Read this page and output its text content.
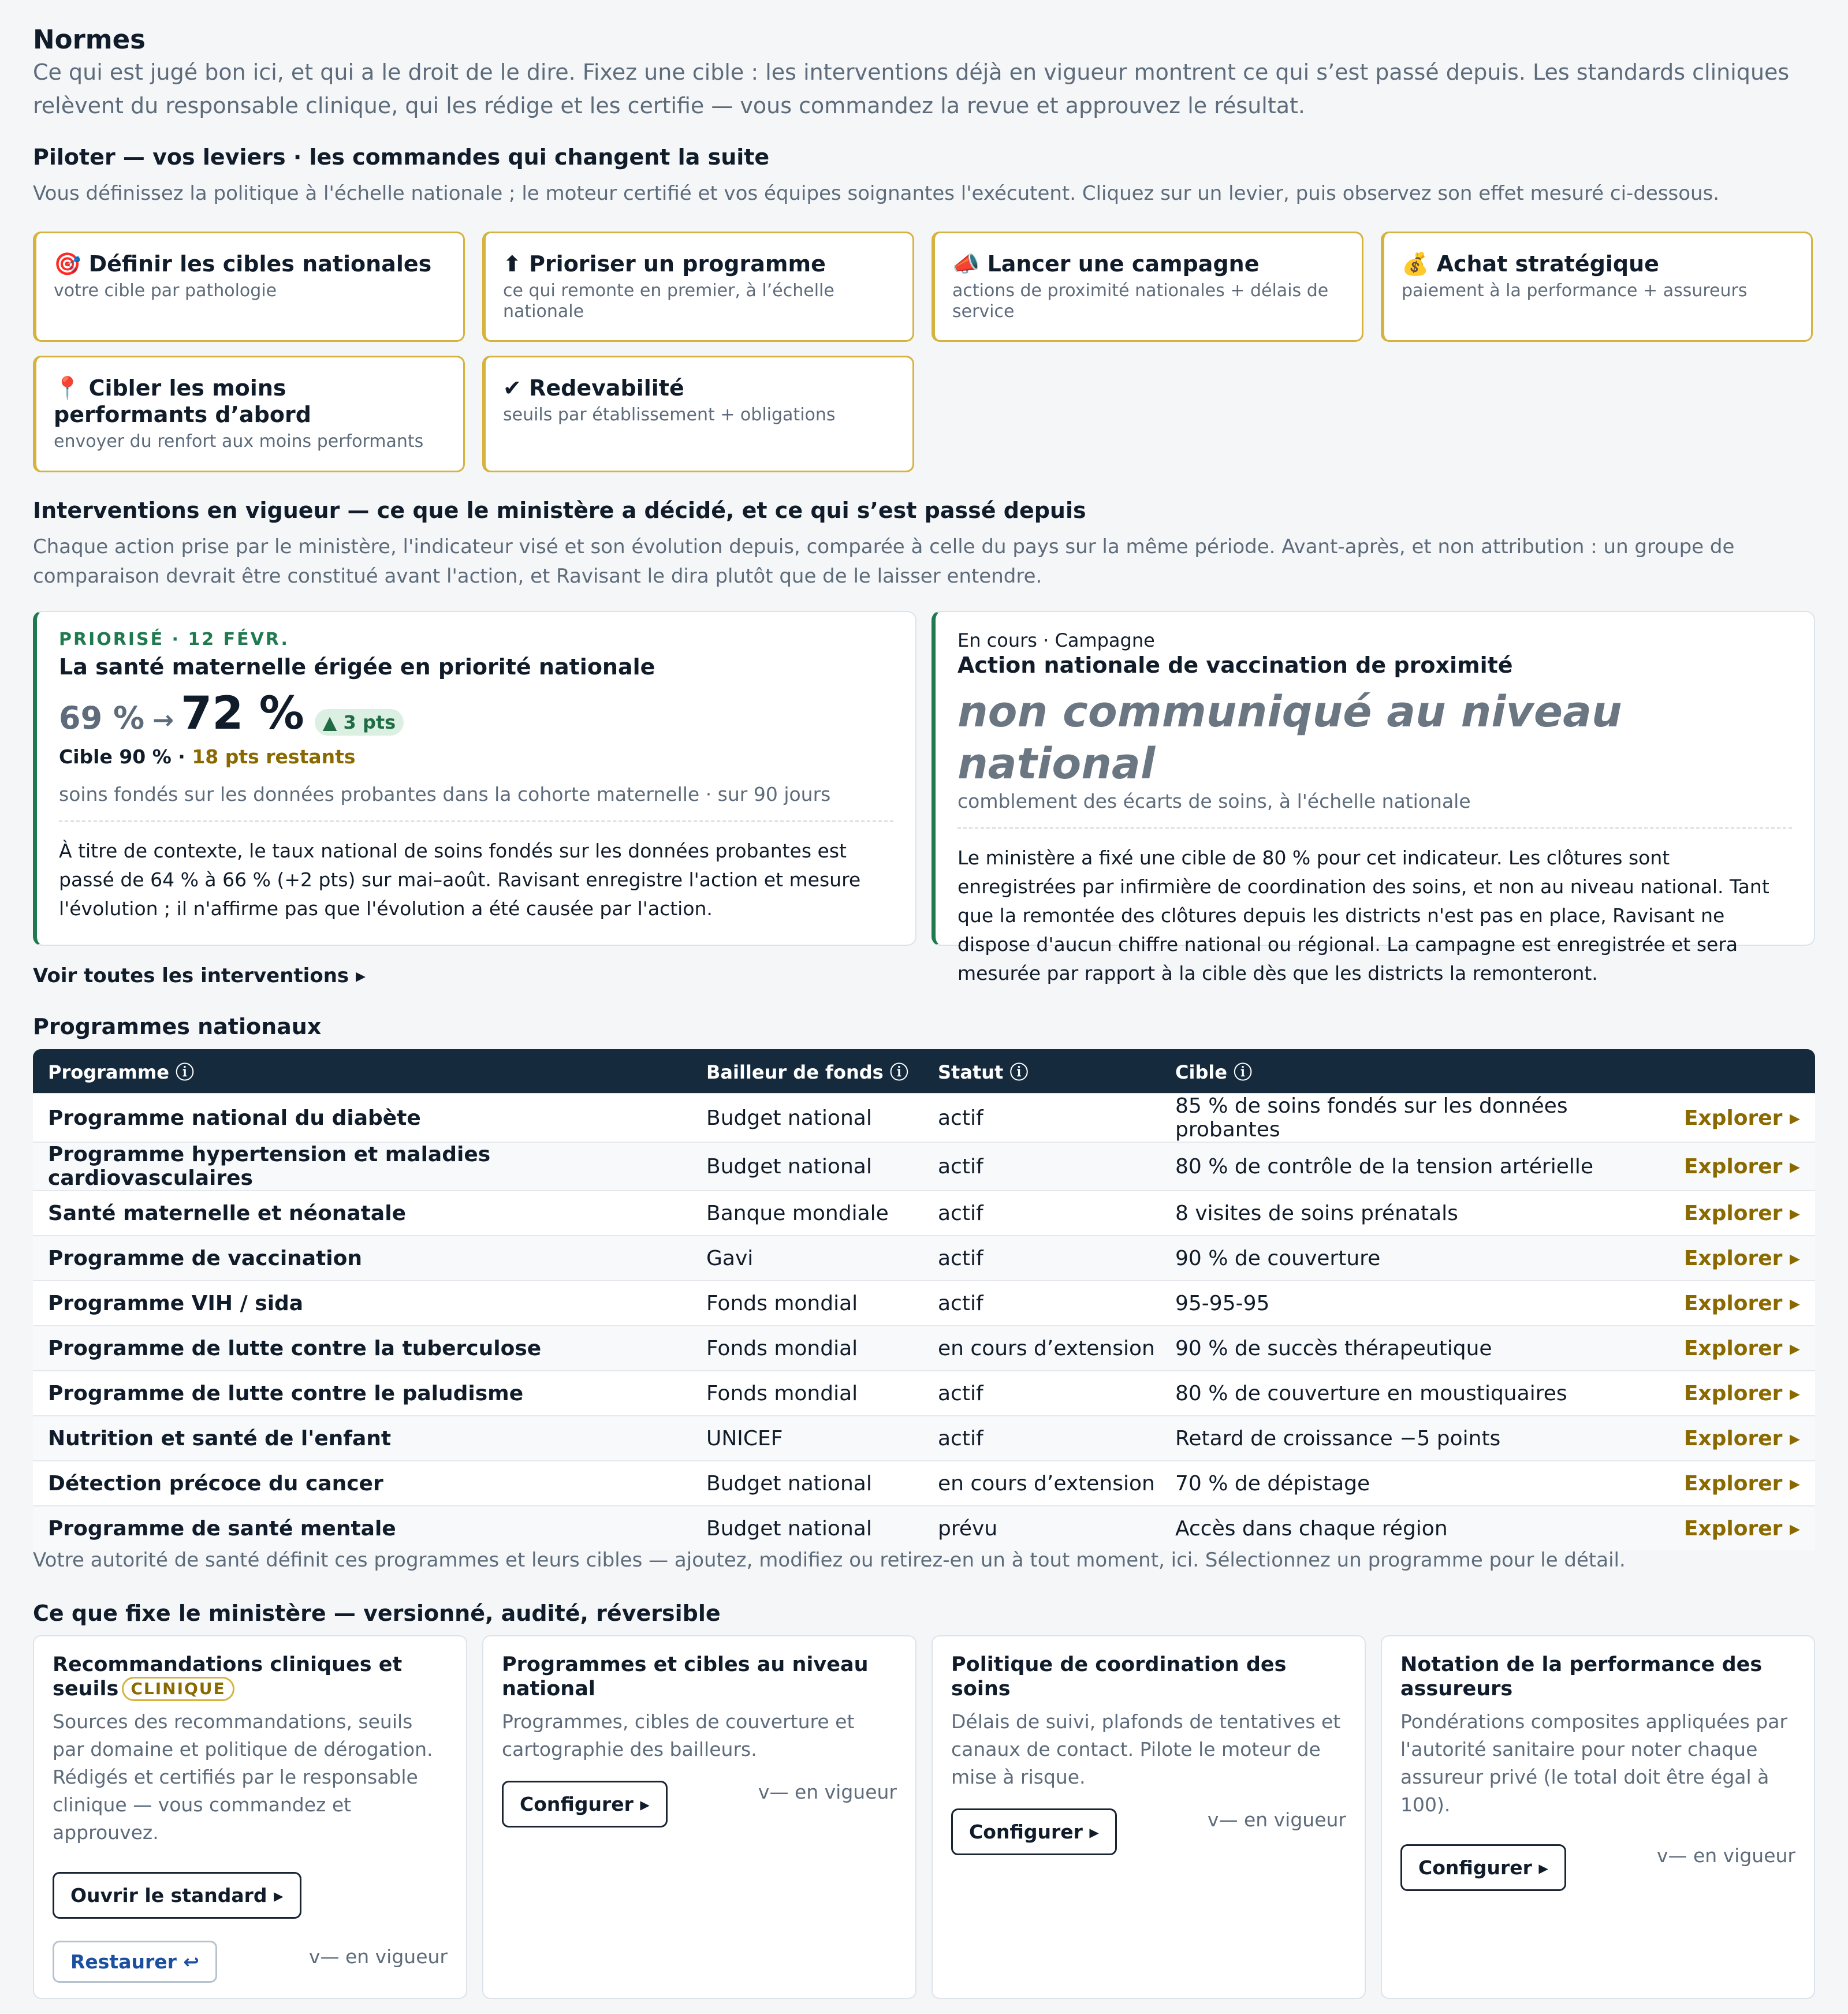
Normes
Ce qui est jugé bon ici, et qui a le droit de le dire. Fixez une cible : les interventions déjà en vigueur montrent ce qui s’est passé depuis. Les standards cliniques relèvent du responsable clinique, qui les rédige et les certifie — vous commandez la revue et approuvez le résultat.
Piloter — vos leviers · les commandes qui changent la suite
Vous définissez la politique à l'échelle nationale ; le moteur certifié et vos équipes soignantes l'exécutent. Cliquez sur un levier, puis observez son effet mesuré ci-dessous.
🎯 Définir les cibles nationales
votre cible par pathologie
⬆ Prioriser un programme
ce qui remonte en premier, à l’échelle nationale
📣 Lancer une campagne
actions de proximité nationales + délais de service
💰 Achat stratégique
paiement à la performance + assureurs
📍 Cibler les moins performants d’abord
envoyer du renfort aux moins performants
✔ Redevabilité
seuils par établissement + obligations
Interventions en vigueur — ce que le ministère a décidé, et ce qui s’est passé depuis
Chaque action prise par le ministère, l'indicateur visé et son évolution depuis, comparée à celle du pays sur la même période. Avant-après, et non attribution : un groupe de comparaison devrait être constitué avant l'action, et Ravisant le dira plutôt que de le laisser entendre.
PRIORISÉ · 12 FÉVR.
La santé maternelle érigée en priorité nationale
69 % → 72 %	▲ 3 pts
Cible 90 % · 18 pts restants
soins fondés sur les données probantes dans la cohorte maternelle · sur 90 jours
À titre de contexte, le taux national de soins fondés sur les données probantes est passé de 64 % à 66 % (+2 pts) sur mai–août. Ravisant enregistre l'action et mesure l'évolution ; il n'affirme pas que l'évolution a été causée par l'action.
En cours · Campagne
Action nationale de vaccination de proximité
non communiqué au niveau national
comblement des écarts de soins, à l'échelle nationale
Le ministère a fixé une cible de 80 % pour cet indicateur. Les clôtures sont enregistrées par infirmière de coordination des soins, et non au niveau national. Tant que la remontée des clôtures depuis les districts n'est pas en place, Ravisant ne dispose d'aucun chiffre national ou régional. La campagne est enregistrée et sera mesurée par rapport à la cible dès que les districts la remonteront.
Voir toutes les interventions ▸
Programmes nationaux
Programme ⓘ	Bailleur de fonds ⓘ	Statut ⓘ	Cible ⓘ	
Programme national du diabète	Budget national	actif	85 % de soins fondés sur les données probantes	Explorer ▸
Programme hypertension et maladies cardiovasculaires	Budget national	actif	80 % de contrôle de la tension artérielle	Explorer ▸
Santé maternelle et néonatale	Banque mondiale	actif	8 visites de soins prénatals	Explorer ▸
Programme de vaccination	Gavi	actif	90 % de couverture	Explorer ▸
Programme VIH / sida	Fonds mondial	actif	95-95-95	Explorer ▸
Programme de lutte contre la tuberculose	Fonds mondial	en cours d’extension	90 % de succès thérapeutique	Explorer ▸
Programme de lutte contre le paludisme	Fonds mondial	actif	80 % de couverture en moustiquaires	Explorer ▸
Nutrition et santé de l'enfant	UNICEF	actif	Retard de croissance −5 points	Explorer ▸
Détection précoce du cancer	Budget national	en cours d’extension	70 % de dépistage	Explorer ▸
Programme de santé mentale	Budget national	prévu	Accès dans chaque région	Explorer ▸
Votre autorité de santé définit ces programmes et leurs cibles — ajoutez, modifiez ou retirez-en un à tout moment, ici. Sélectionnez un programme pour le détail.
Ce que fixe le ministère — versionné, audité, réversible
Recommandations cliniques et seuils CLINIQUE
Sources des recommandations, seuils par domaine et politique de dérogation. Rédigés et certifiés par le responsable clinique — vous commandez et approuvez.
Ouvrir le standard ▸
Restaurer ↩	v— en vigueur
Programmes et cibles au niveau national
Programmes, cibles de couverture et cartographie des bailleurs.
Configurer ▸
v— en vigueur
Politique de coordination des soins
Délais de suivi, plafonds de tentatives et canaux de contact. Pilote le moteur de mise à risque.
Configurer ▸
v— en vigueur
Notation de la performance des assureurs
Pondérations composites appliquées par l'autorité sanitaire pour noter chaque assureur privé (le total doit être égal à 100).
Configurer ▸
v— en vigueur
